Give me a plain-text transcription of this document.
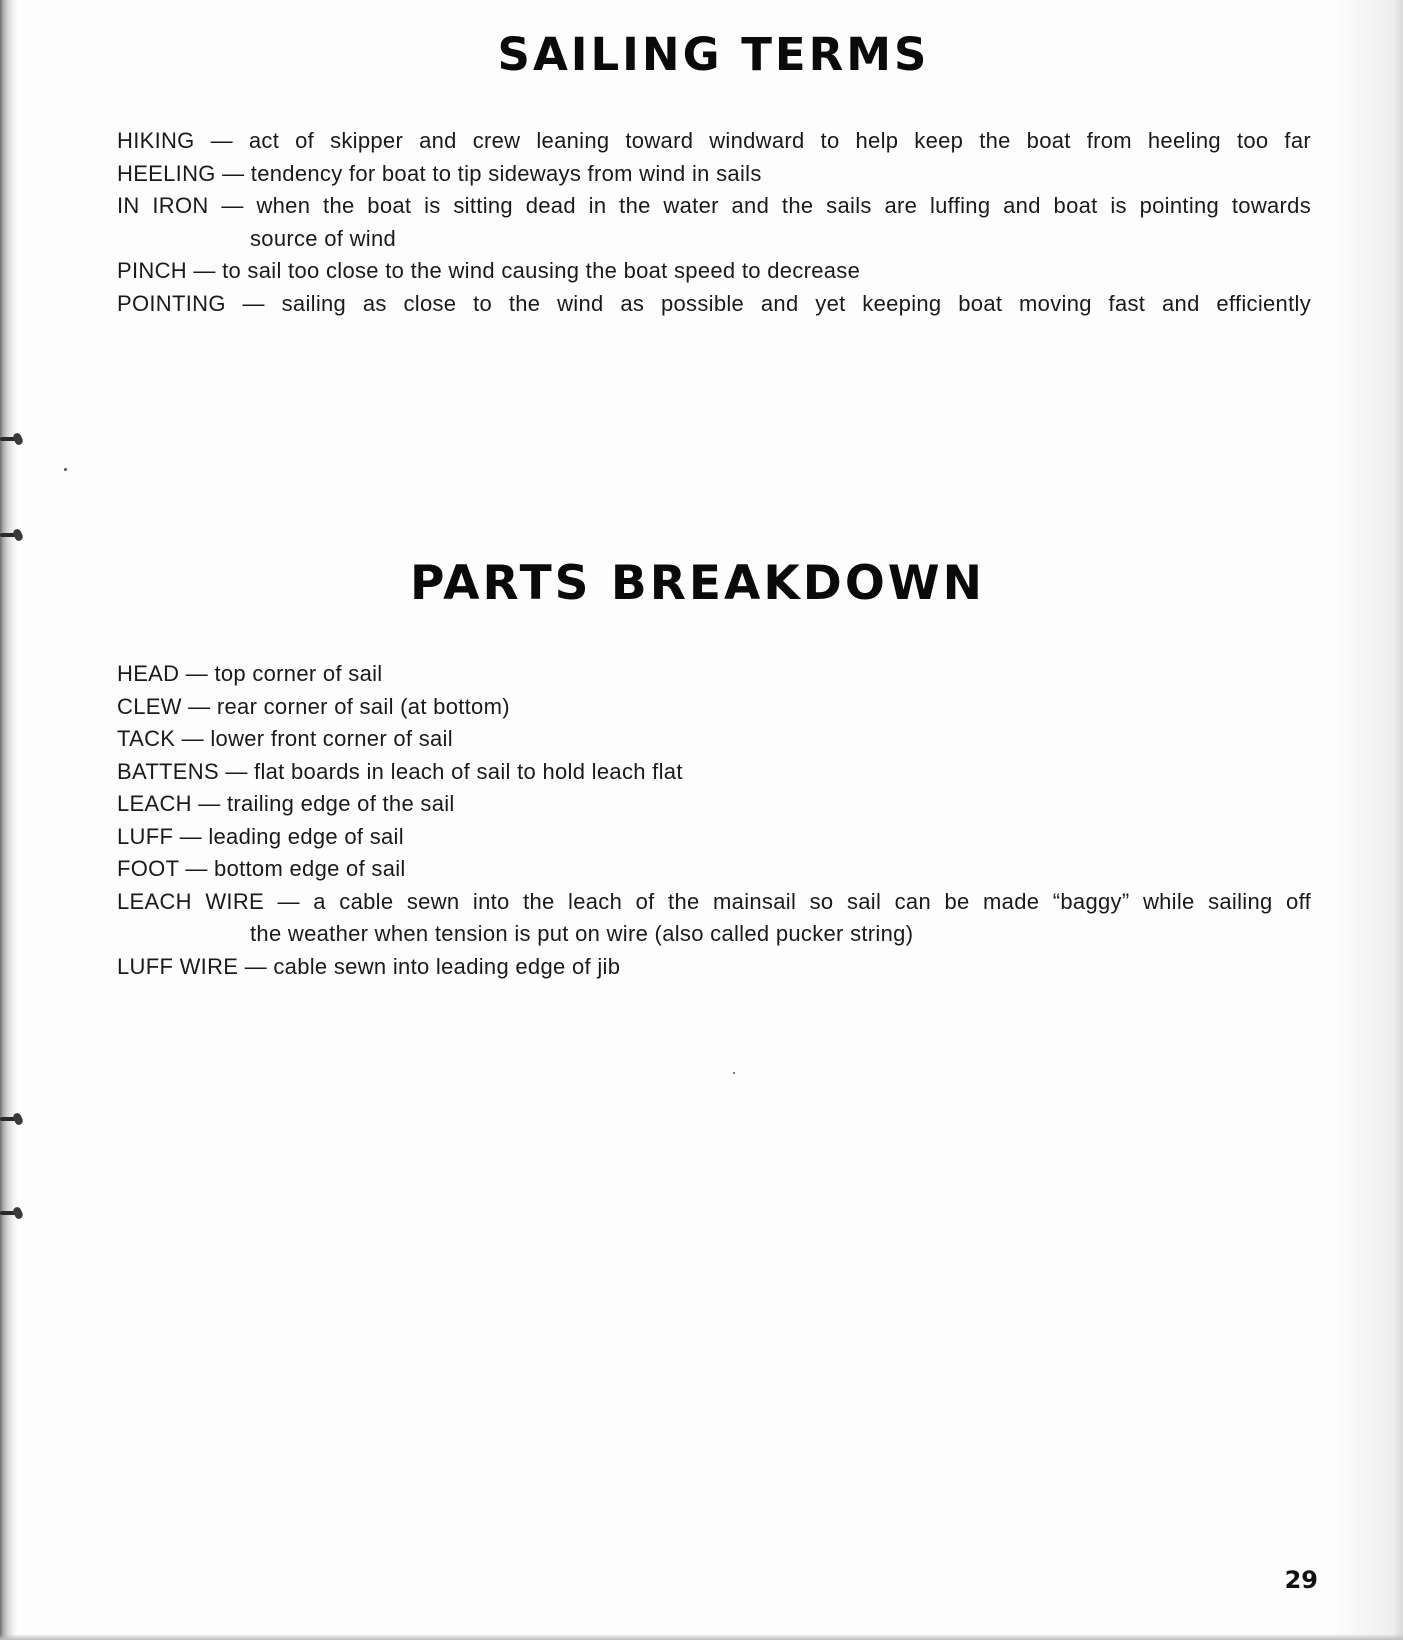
SAILING TERMS

HIKING — act of skipper and crew leaning toward windward to help keep the boat from heeling too far

HEELING — tendency for boat to tip sideways from wind in sails

IN IRON — when the boat is sitting dead in the water and the sails are luffing and boat is pointing towards
source of wind

PINCH — to sail too close to the wind causing the boat speed to decrease

POINTING — sailing as close to the wind as possible and yet keeping boat moving fast and efficiently

PARTS BREAKDOWN

HEAD — top corner of sail

CLEW — rear corner of sail (at bottom)

TACK — lower front corner of sail

BATTENS — flat boards in leach of sail to hold leach flat

LEACH — trailing edge of the sail

LUFF — leading edge of sail

FOOT — bottom edge of sail

LEACH WIRE — a cable sewn into the leach of the mainsail so sail can be made “baggy” while sailing off
the weather when tension is put on wire (also called pucker string)

LUFF WIRE — cable sewn into leading edge of jib

29
